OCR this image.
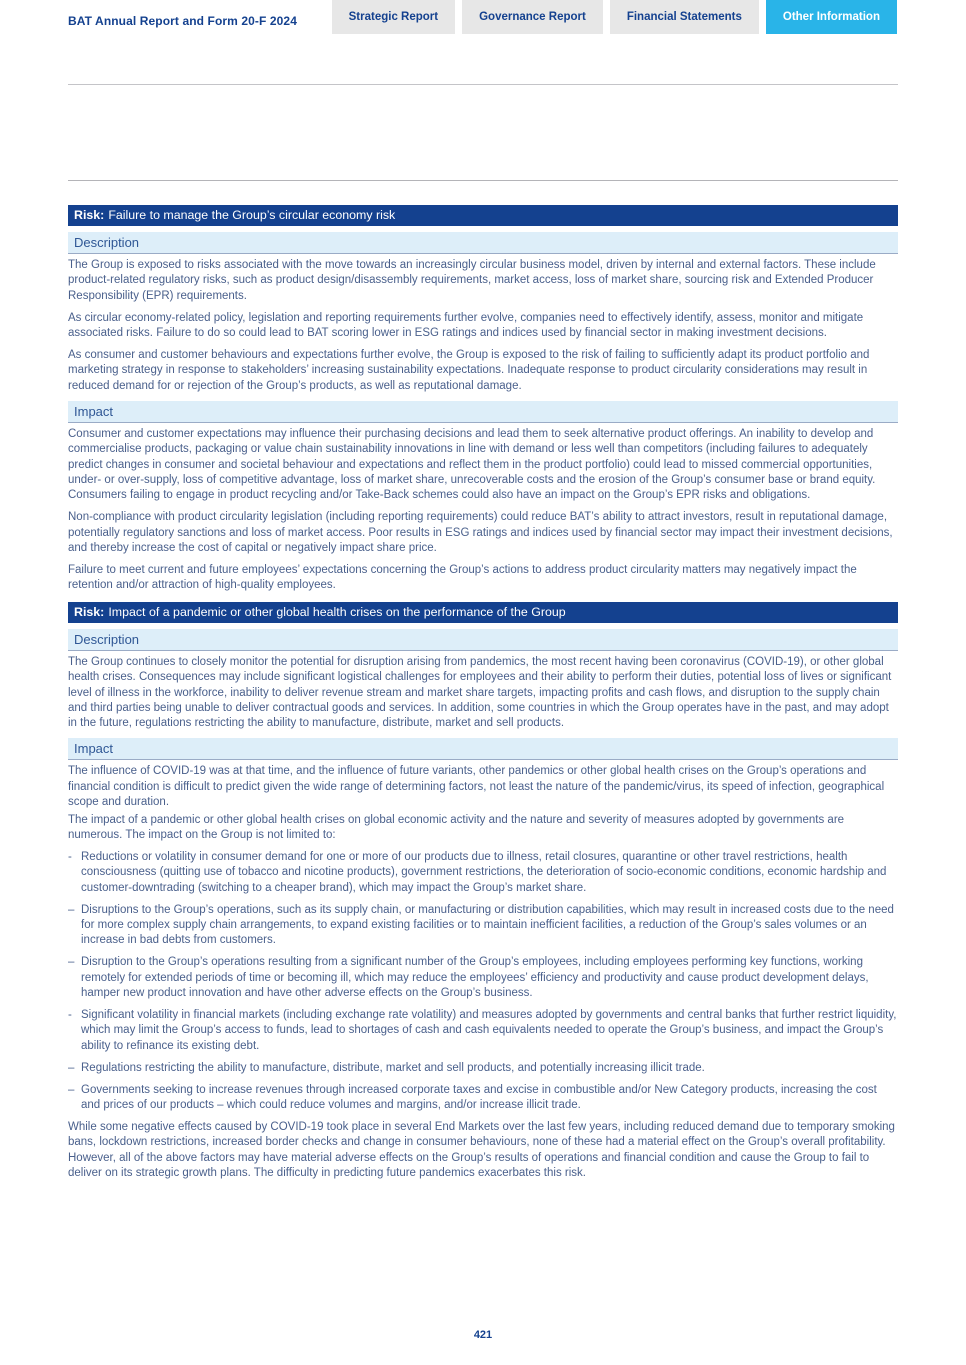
BAT Annual Report and Form 20-F 2024	Strategic Report	Governance Report	Financial Statements	Other Information
Risk: Failure to manage the Group’s circular economy risk
Description

The Group is exposed to risks associated with the move towards an increasingly circular business model, driven by internal and external factors. These include product-related regulatory risks, such as product design/disassembly requirements, market access, loss of market share, sourcing risk and Extended Producer Responsibility (EPR) requirements.

As circular economy-related policy, legislation and reporting requirements further evolve, companies need to effectively identify, assess, monitor and mitigate associated risks. Failure to do so could lead to BAT scoring lower in ESG ratings and indices used by financial sector in making investment decisions.

As consumer and customer behaviours and expectations further evolve, the Group is exposed to the risk of failing to sufficiently adapt its product portfolio and marketing strategy in response to stakeholders’ increasing sustainability expectations. Inadequate response to product circularity considerations may result in reduced demand for or rejection of the Group’s products, as well as reputational damage.

Impact

Consumer and customer expectations may influence their purchasing decisions and lead them to seek alternative product offerings. An inability to develop and commercialise products, packaging or value chain sustainability innovations in line with demand or less well than competitors (including failures to adequately predict changes in consumer and societal behaviour and expectations and reflect them in the product portfolio) could lead to missed commercial opportunities, under- or over-supply, loss of competitive advantage, loss of market share, unrecoverable costs and the erosion of the Group’s consumer base or brand equity. Consumers failing to engage in product recycling and/or Take-Back schemes could also have an impact on the Group’s EPR risks and obligations.

Non-compliance with product circularity legislation (including reporting requirements) could reduce BAT’s ability to attract investors, result in reputational damage, potentially regulatory sanctions and loss of market access. Poor results in ESG ratings and indices used by financial sector may impact their investment decisions, and thereby increase the cost of capital or negatively impact share price.

Failure to meet current and future employees’ expectations concerning the Group’s actions to address product circularity matters may negatively impact the retention and/or attraction of high-quality employees.

Risk: Impact of a pandemic or other global health crises on the performance of the Group
Description

The Group continues to closely monitor the potential for disruption arising from pandemics, the most recent having been coronavirus (COVID-19), or other global health crises. Consequences may include significant logistical challenges for employees and their ability to perform their duties, potential loss of lives or significant level of illness in the workforce, inability to deliver revenue stream and market share targets, impacting profits and cash flows, and disruption to the supply chain and third parties being unable to deliver contractual goods and services. In addition, some countries in which the Group operates have in the past, and may adopt in the future, regulations restricting the ability to manufacture, distribute, market and sell products.

Impact

The influence of COVID-19 was at that time, and the influence of future variants, other pandemics or other global health crises on the Group’s operations and financial condition is difficult to predict given the wide range of determining factors, not least the nature of the pandemic/virus, its speed of infection, geographical scope and duration.

The impact of a pandemic or other global health crises on global economic activity and the nature and severity of measures adopted by governments are numerous. The impact on the Group is not limited to:

- Reductions or volatility in consumer demand for one or more of our products due to illness, retail closures, quarantine or other travel restrictions, health consciousness (quitting use of tobacco and nicotine products), government restrictions, the deterioration of socio-economic conditions, economic hardship and customer-downtrading (switching to a cheaper brand), which may impact the Group’s market share.
– Disruptions to the Group’s operations, such as its supply chain, or manufacturing or distribution capabilities, which may result in increased costs due to the need for more complex supply chain arrangements, to expand existing facilities or to maintain inefficient facilities, a reduction of the Group’s sales volumes or an increase in bad debts from customers.
– Disruption to the Group’s operations resulting from a significant number of the Group’s employees, including employees performing key functions, working remotely for extended periods of time or becoming ill, which may reduce the employees’ efficiency and productivity and cause product development delays, hamper new product innovation and have other adverse effects on the Group’s business.
- Significant volatility in financial markets (including exchange rate volatility) and measures adopted by governments and central banks that further restrict liquidity, which may limit the Group’s access to funds, lead to shortages of cash and cash equivalents needed to operate the Group’s business, and impact the Group’s ability to refinance its existing debt.
– Regulations restricting the ability to manufacture, distribute, market and sell products, and potentially increasing illicit trade.
– Governments seeking to increase revenues through increased corporate taxes and excise in combustible and/or New Category products, increasing the cost and prices of our products – which could reduce volumes and margins, and/or increase illicit trade.

While some negative effects caused by COVID-19 took place in several End Markets over the last few years, including reduced demand due to temporary smoking bans, lockdown restrictions, increased border checks and change in consumer behaviours, none of these had a material effect on the Group’s overall profitability. However, all of the above factors may have material adverse effects on the Group’s results of operations and financial condition and cause the Group to fail to deliver on its strategic growth plans. The difficulty in predicting future pandemics exacerbates this risk.

421
